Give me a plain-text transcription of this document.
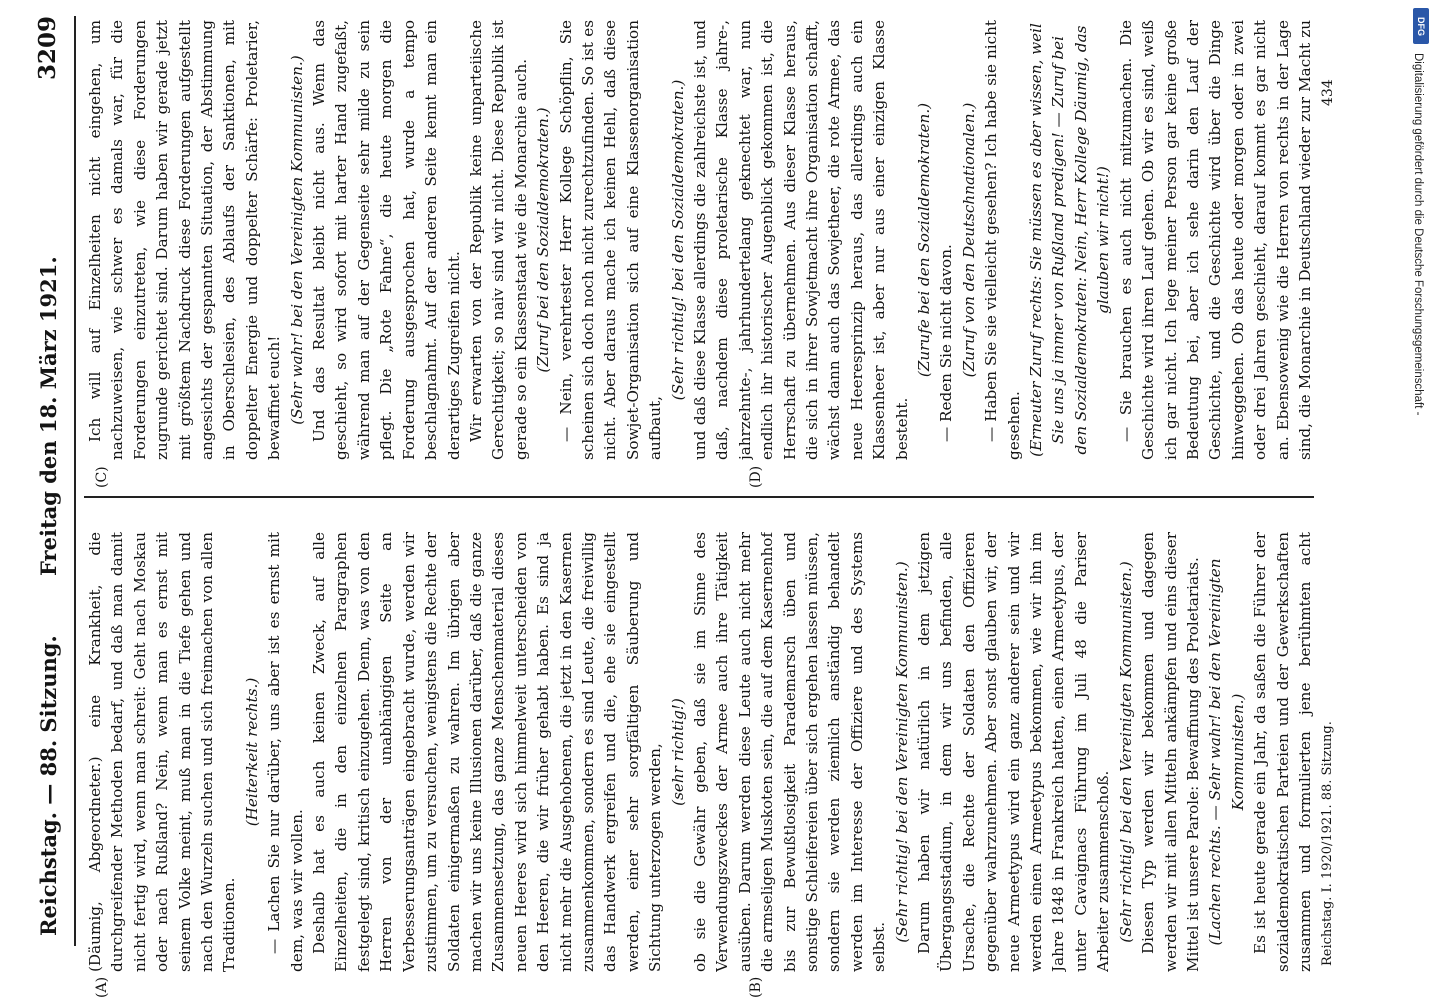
Reichstag. — 88. Sitzung.
Freitag den 18. März 1921.
3209
(A)	(B)
(C)	(D)

(Däumig, Abgeordneter.) eine Krankheit, die durchgreifender Methoden bedarf, und daß man damit nicht fertig wird, wenn man schreit: Geht nach Moskau oder nach Rußland? Nein, wenn man es ernst mit seinem Volke meint, muß man in die Tiefe gehen und nach den Wurzeln suchen und sich freimachen von allen Traditionen.

(Heiterkeit rechts.) — Lachen Sie nur darüber, uns aber ist es ernst mit dem, was wir wollen. Deshalb hat es auch keinen Zweck, auf alle Einzelheiten, die in den einzelnen Paragraphen festgelegt sind, kritisch einzugehen. Denn, was von den Herren von der unabhängigen Seite an Verbesserungsanträgen eingebracht wurde, werden wir zustimmen, um zu versuchen, wenigstens die Rechte der Soldaten einigermaßen zu wahren. Im übrigen aber machen wir uns keine Illusionen darüber, daß die ganze Zusammensetzung, das ganze Menschenmaterial dieses neuen Heeres wird sich himmelweit unterscheiden von den Heeren, die wir früher gehabt haben. Es sind ja nicht mehr die Ausgehobenen, die jetzt in den Kasernen zusammenkommen, sondern es sind Leute, die freiwillig das Handwerk ergreifen und die, ehe sie eingestellt werden, einer sehr sorgfältigen Säuberung und Sichtung unterzogen werden, (sehr richtig!) ob sie die Gewähr geben, daß sie im Sinne des Verwendungszweckes der Armee auch ihre Tätigkeit ausüben. Darum werden diese Leute auch nicht mehr die armseligen Muskoten sein, die auf dem Kasernenhof bis zur Bewußtlosigkeit Parademarsch üben und sonstige Schleifereien über sich ergehen lassen müssen, sondern sie werden ziemlich anständig behandelt werden im Interesse der Offiziere und des Systems selbst.

(Sehr richtig! bei den Vereinigten Kommunisten.) Darum haben wir natürlich in dem jetzigen Übergangsstadium, in dem wir uns befinden, alle Ursache, die Rechte der Soldaten den Offizieren gegenüber wahrzunehmen. Aber sonst glauben wir, der neue Armeetypus wird ein ganz anderer sein und wir werden einen Armeetypus bekommen, wie wir ihn im Jahre 1848 in Frankreich hatten, einen Armeetypus, der unter Cavaignacs Führung im Juli 48 die Pariser Arbeiter zusammenschoß. (Sehr richtig! bei den Vereinigten Kommunisten.) Diesen Typ werden wir bekommen und dagegen werden wir mit allen Mitteln ankämpfen und eins dieser Mittel ist unsere Parole: Bewaffnung des Proletariats. (Lachen rechts. — Sehr wahr! bei den Vereinigten Kommunisten.)

Es ist heute gerade ein Jahr, da saßen die Führer der sozialdemokratischen Parteien und der Gewerkschaften zusammen und formulierten jene berühmten acht

Ich will auf Einzelheiten nicht eingehen, um nachzuweisen, wie schwer es damals war, für die Forderungen einzutreten, wie diese Forderungen zugrunde gerichtet sind. Darum haben wir gerade jetzt mit größtem Nachdruck diese Forderungen aufgestellt angesichts der gespannten Situation, der Abstimmung in Oberschlesien, des Ablaufs der Sanktionen, mit doppelter Energie und doppelter Schärfe: Proletarier, bewaffnet euch! (Sehr wahr! bei den Vereinigten Kommunisten.) Und das Resultat bleibt nicht aus. Wenn das geschieht, so wird sofort mit harter Hand zugefaßt, während man auf der Gegenseite sehr milde zu sein pflegt. Die „Rote Fahne“, die heute morgen die Forderung ausgesprochen hat, wurde a tempo beschlagnahmt. Auf der anderen Seite kennt man ein derartiges Zugreifen nicht. Wir erwarten von der Republik keine unparteiische Gerechtigkeit; so naiv sind wir nicht. Diese Republik ist gerade so ein Klassenstaat wie die Monarchie auch. (Zuruf bei den Sozialdemokraten.) — Nein, verehrtester Herr Kollege Schöpflin, Sie scheinen sich doch noch nicht zurechtzufinden. So ist es nicht. Aber daraus mache ich keinen Hehl, daß diese Sowjet-Organisation sich auf eine Klassenorganisation aufbaut,

(Sehr richtig! bei den Sozialdemokraten.) und daß diese Klasse allerdings die zahlreichste ist, und daß, nachdem diese proletarische Klasse jahre-, jahrzehnte-, jahrhundertelang geknechtet war, nun endlich ihr historischer Augenblick gekommen ist, die Herrschaft zu übernehmen. Aus dieser Klasse heraus, die sich in ihrer Sowjetmacht ihre Organisation schafft, wächst dann auch das Sowjetheer, die rote Armee, das neue Heeresprinzip heraus, das allerdings auch ein Klassenheer ist, aber nur aus einer einzigen Klasse besteht.

(Zurufe bei den Sozialdemokraten.) — Reden Sie nicht davon. (Zuruf von den Deutschnationalen.) — Haben Sie sie vielleicht gesehen? Ich habe sie nicht gesehen. (Erneuter Zuruf rechts: Sie müssen es aber wissen, weil Sie uns ja immer von Rußland predigen! — Zuruf bei den Sozialdemokraten: Nein, Herr Kollege Däumig, das glauben wir nicht!)

— Sie brauchen es auch nicht mitzumachen. Die Geschichte wird ihren Lauf gehen. Ob wir es sind, weiß ich gar nicht. Ich lege meiner Person gar keine große Bedeutung bei, aber ich sehe darin den Lauf der Geschichte, und die Geschichte wird über die Dinge hinweggehen. Ob das heute oder morgen oder in zwei oder drei Jahren geschieht, darauf kommt es gar nicht an. Ebensowenig wie die Herren von rechts in der Lage sind, die Monarchie in Deutschland wieder zur Macht zu

Reichstag. I. 1920/1921. 88. Sitzung.
434
DFG
Digitalisierung gefördert durch die Deutsche Forschungsgemeinschaft -
